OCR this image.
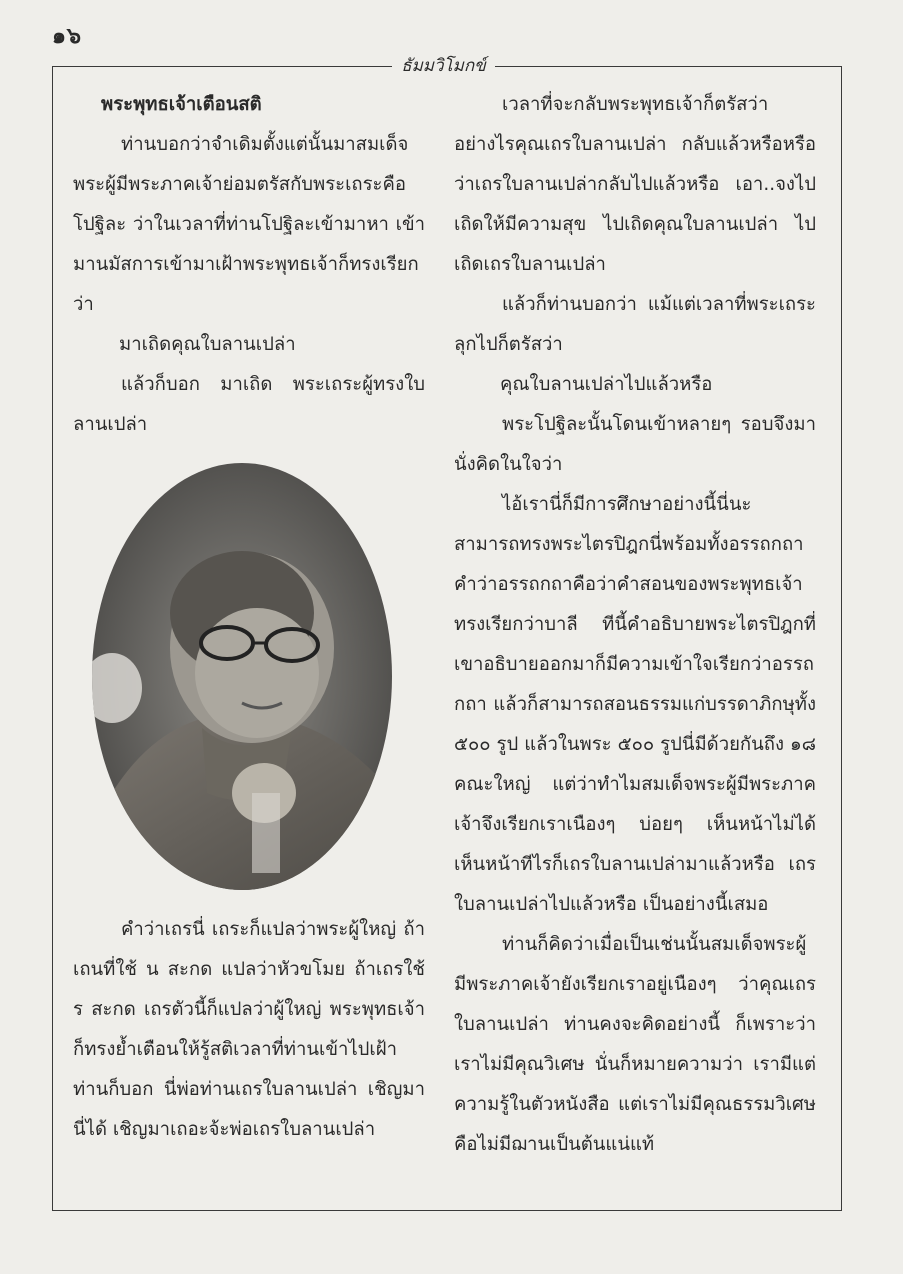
๑๖
ธัมมวิโมกข์

พระพุทธเจ้าเตือนสติ

ท่านบอกว่าจำเดิมตั้งแต่นั้นมาสมเด็จพระผู้มีพระภาคเจ้าย่อมตรัสกับพระเถระคือโปฐิละ ว่าในเวลาที่ท่านโปฐิละเข้ามาหา เข้ามานมัสการเข้ามาเฝ้าพระพุทธเจ้าก็ทรงเรียกว่า

มาเถิดคุณใบลานเปล่า

แล้วก็บอก มาเถิด พระเถระผู้ทรงใบลานเปล่า

คำว่าเถรนี่ เถระก็แปลว่าพระผู้ใหญ่ ถ้าเถนที่ใช้ น สะกด แปลว่าหัวขโมย ถ้าเถรใช้ ร สะกด เถรตัวนี้ก็แปลว่าผู้ใหญ่ พระพุทธเจ้าก็ทรงย้ำเตือนให้รู้สติเวลาที่ท่านเข้าไปเฝ้า ท่านก็บอก นี่พ่อท่านเถรใบลานเปล่า เชิญมานี่ได้ เชิญมาเถอะจ้ะพ่อเถรใบลานเปล่า

เวลาที่จะกลับพระพุทธเจ้าก็ตรัสว่าอย่างไรคุณเถรใบลานเปล่า กลับแล้วหรือหรือว่าเถรใบลานเปล่ากลับไปแล้วหรือ เอา..จงไปเถิดให้มีความสุข ไปเถิดคุณใบลานเปล่า ไปเถิดเถรใบลานเปล่า

แล้วก็ท่านบอกว่า แม้แต่เวลาที่พระเถระลุกไปก็ตรัสว่า

คุณใบลานเปล่าไปแล้วหรือ

พระโปฐิละนั้นโดนเข้าหลายๆ รอบจึงมานั่งคิดในใจว่า

ไอ้เรานี่ก็มีการศึกษาอย่างนี้นี่นะสามารถทรงพระไตรปิฎกนี่พร้อมทั้งอรรถกถาคำว่าอรรถกถาคือว่าคำสอนของพระพุทธเจ้าทรงเรียกว่าบาลี ทีนี้คำอธิบายพระไตรปิฎกที่เขาอธิบายออกมาก็มีความเข้าใจเรียกว่าอรรถกถา แล้วก็สามารถสอนธรรมแก่บรรดาภิกษุทั้ง ๕๐๐ รูป แล้วในพระ ๕๐๐ รูปนี่มีด้วยกันถึง ๑๘ คณะใหญ่ แต่ว่าทำไมสมเด็จพระผู้มีพระภาคเจ้าจึงเรียกเราเนืองๆ บ่อยๆ เห็นหน้าไม่ได้ เห็นหน้าทีไรก็เถรใบลานเปล่ามาแล้วหรือ เถรใบลานเปล่าไปแล้วหรือ เป็นอย่างนี้เสมอ

ท่านก็คิดว่าเมื่อเป็นเช่นนั้นสมเด็จพระผู้มีพระภาคเจ้ายังเรียกเราอยู่เนืองๆ ว่าคุณเถรใบลานเปล่า ท่านคงจะคิดอย่างนี้ ก็เพราะว่าเราไม่มีคุณวิเศษ นั่นก็หมายความว่า เรามีแต่ความรู้ในตัวหนังสือ แต่เราไม่มีคุณธรรมวิเศษ คือไม่มีฌานเป็นต้นแน่แท้
